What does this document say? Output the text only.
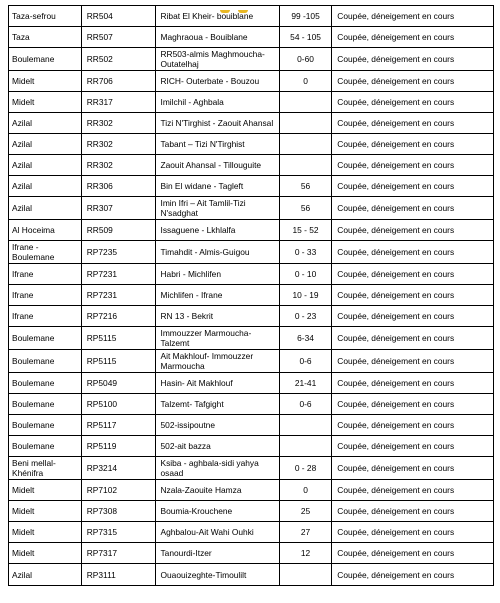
Taza-sefrou	RR504	Ribat El Kheir- bouiblane	99 -105	Coupée, déneigement en cours
Taza	RR507	Maghraoua - Bouiblane	54 - 105	Coupée, déneigement en cours
Boulemane	RR502	RR503-almis Maghmoucha-Outatelhaj	0-60	Coupée, déneigement en cours
Midelt	RR706	RICH- Outerbate - Bouzou	0	Coupée, déneigement en cours
Midelt	RR317	Imilchil - Aghbala		Coupée, déneigement en cours
Azilal	RR302	Tizi N'Tirghist - Zaouit Ahansal		Coupée, déneigement en cours
Azilal	RR302	Tabant – Tizi N'Tirghist		Coupée, déneigement en cours
Azilal	RR302	Zaouit Ahansal - Tillouguite		Coupée, déneigement en cours
Azilal	RR306	Bin El widane - Tagleft	56	Coupée, déneigement en cours
Azilal	RR307	Imin Ifri – Ait Tamlil-Tizi N'sadghat	56	Coupée, déneigement en cours
Al Hoceima	RR509	Issaguene - Lkhlalfa	15 - 52	Coupée, déneigement en cours
Ifrane - Boulemane	RP7235	Timahdit - Almis-Guigou	0 - 33	Coupée, déneigement en cours
Ifrane	RP7231	Habri - Michlifen	0 - 10	Coupée, déneigement en cours
Ifrane	RP7231	Michlifen - Ifrane	10 - 19	Coupée, déneigement en cours
Ifrane	RP7216	RN 13 - Bekrit	0 - 23	Coupée, déneigement en cours
Boulemane	RP5115	Immouzzer Marmoucha- Talzemt	6-34	Coupée, déneigement en cours
Boulemane	RP5115	Ait Makhlouf- Immouzzer Marmoucha	0-6	Coupée, déneigement en cours
Boulemane	RP5049	Hasin- Ait Makhlouf	21-41	Coupée, déneigement en cours
Boulemane	RP5100	Talzemt- Tafgight	0-6	Coupée, déneigement en cours
Boulemane	RP5117	502-issipoutne		Coupée, déneigement en cours
Boulemane	RP5119	502-ait bazza		Coupée, déneigement en cours
Beni mellal- Khénifra	RP3214	Ksiba - aghbala-sidi yahya osaad	0 - 28	Coupée, déneigement en cours
Midelt	RP7102	Nzala-Zaouite Hamza	0	Coupée, déneigement en cours
Midelt	RP7308	Boumia-Krouchene	25	Coupée, déneigement en cours
Midelt	RP7315	Aghbalou-Ait Wahi Ouhki	27	Coupée, déneigement en cours
Midelt	RP7317	Tanourdi-Itzer	12	Coupée, déneigement en cours
Azilal	RP3111	Ouaouizeghte-Timoulilt		Coupée, déneigement en cours
